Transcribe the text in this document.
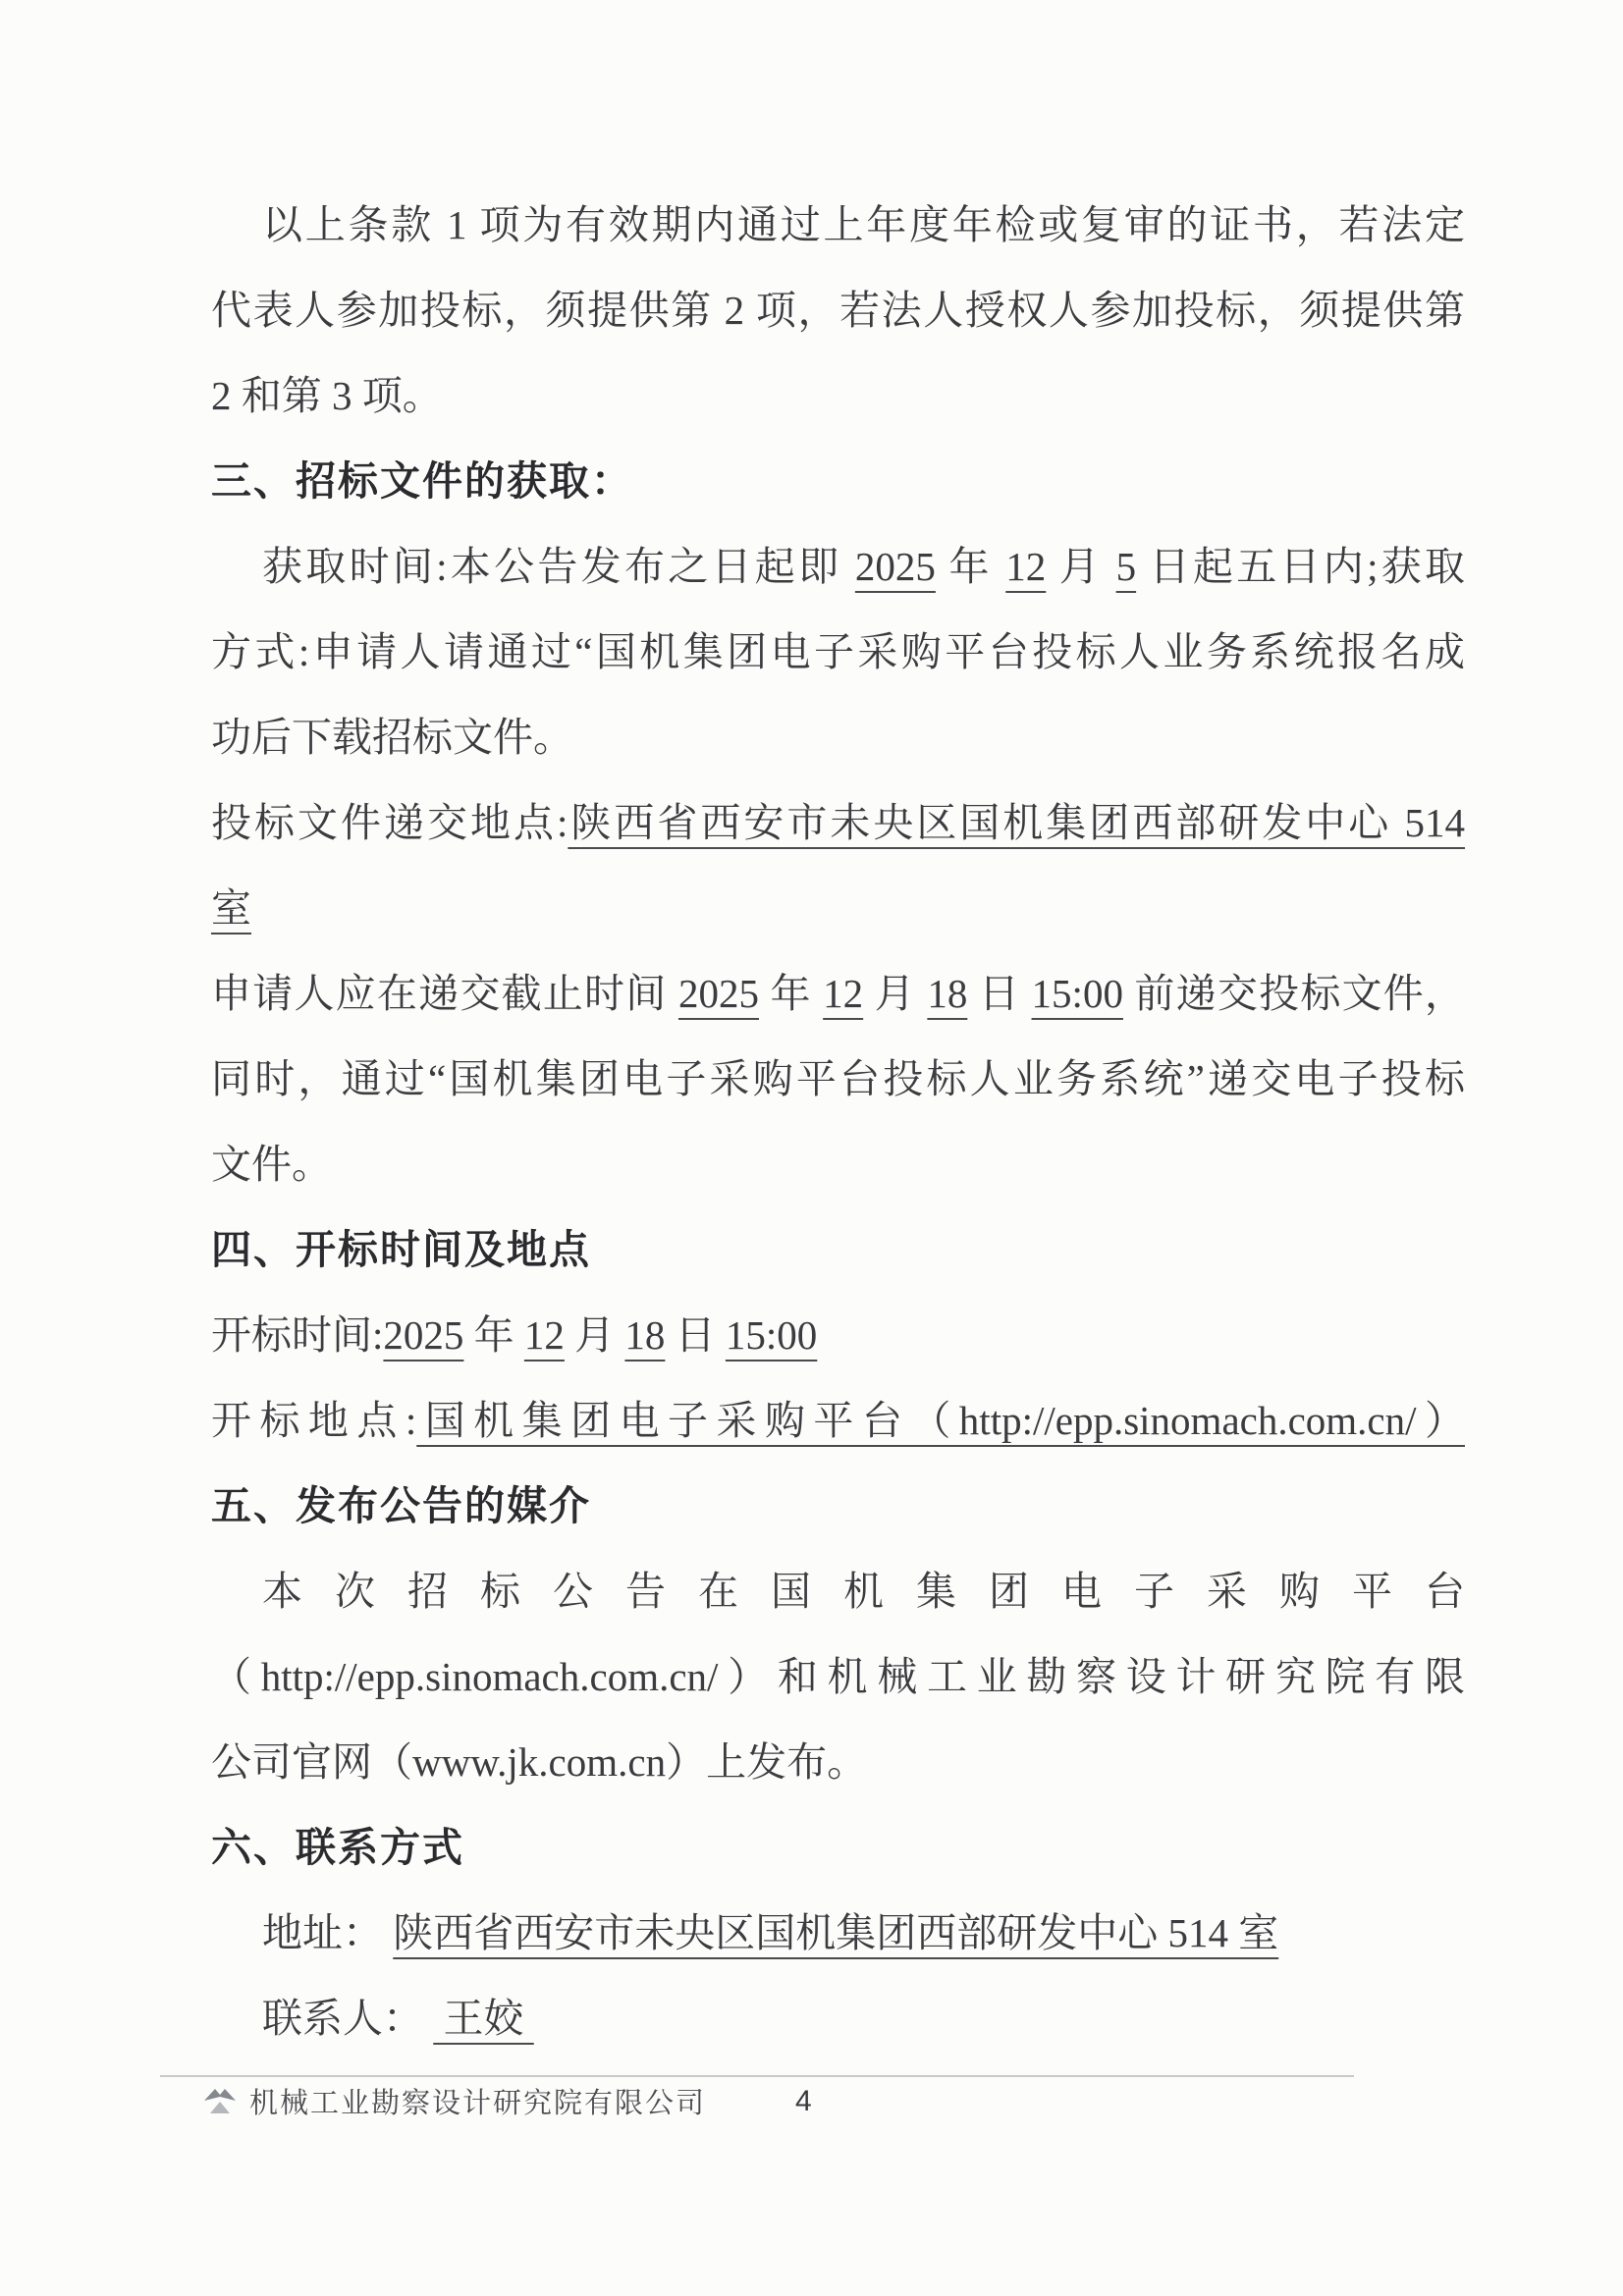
以上条款 1 项为有效期内通过上年度年检或复审的证书，若法定
代表人参加投标，须提供第 2 项，若法人授权人参加投标，须提供第
2 和第 3 项。
三、招标文件的获取：
获取时间:本公告发布之日起即 2025 年 12 月 5 日起五日内;获取
方式:申请人请通过“国机集团电子采购平台投标人业务系统报名成
功后下载招标文件。
投标文件递交地点:陕西省西安市未央区国机集团西部研发中心 514
室
申请人应在递交截止时间 2025 年 12 月 18 日 15:00 前递交投标文件，
同时，通过“国机集团电子采购平台投标人业务系统”递交电子投标
文件。
四、开标时间及地点
开标时间:2025 年 12 月 18 日 15:00
开标地点:国机集团电子采购平台（http://epp.sinomach.com.cn/）
五、发布公告的媒介
本次招标公告在国机集团电子采购平台
（http://epp.sinomach.com.cn/）和机械工业勘察设计研究院有限
公司官网（www.jk.com.cn）上发布。
六、联系方式
地址： 陕西省西安市未央区国机集团西部研发中心 514 室
联系人：  王姣
机械工业勘察设计研究院有限公司	4
